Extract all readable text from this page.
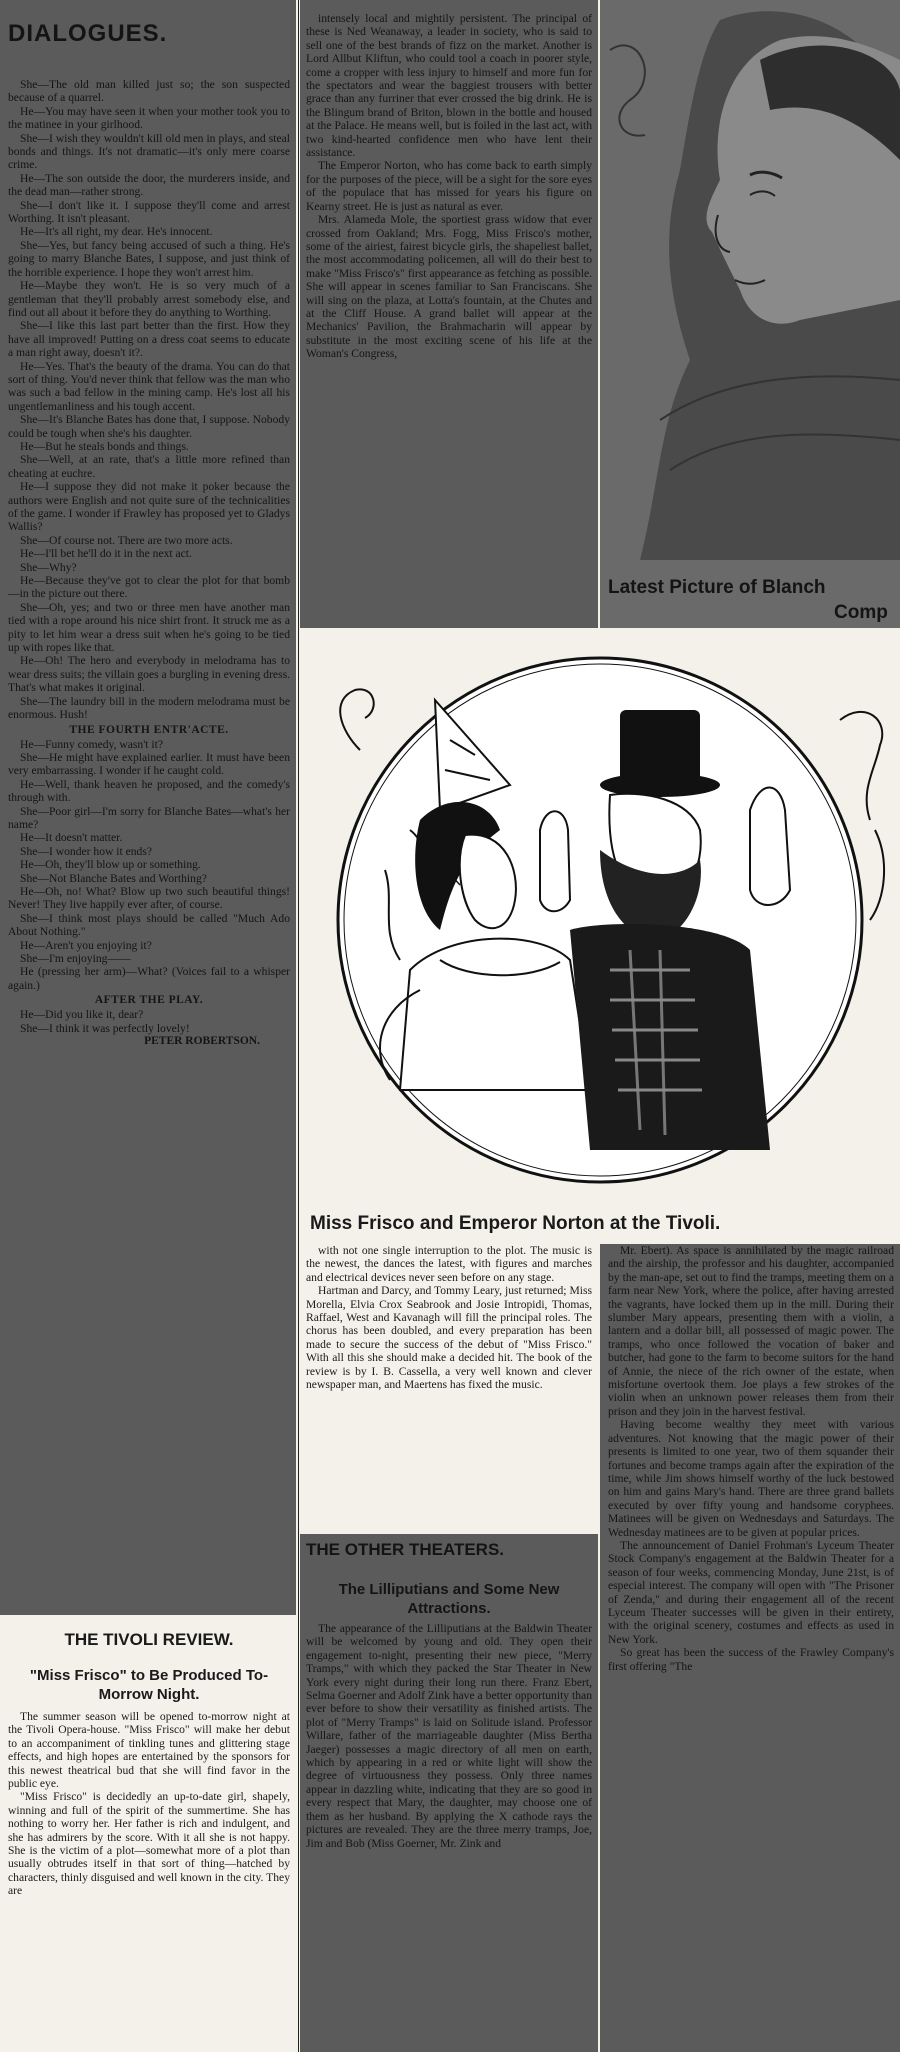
DIALOGUES.

She—The old man killed just so; the son suspected because of a quarrel.

He—You may have seen it when your mother took you to the matinee in your girlhood.

She—I wish they wouldn't kill old men in plays, and steal bonds and things. It's not dramatic—it's only mere coarse crime.

He—The son outside the door, the murderers inside, and the dead man—rather strong.

She—I don't like it. I suppose they'll come and arrest Worthing. It isn't pleasant.

He—It's all right, my dear. He's innocent.

She—Yes, but fancy being accused of such a thing. He's going to marry Blanche Bates, I suppose, and just think of the horrible experience. I hope they won't arrest him.

He—Maybe they won't. He is so very much of a gentleman that they'll probably arrest somebody else, and find out all about it before they do anything to Worthing.

She—I like this last part better than the first. How they have all improved! Putting on a dress coat seems to educate a man right away, doesn't it?.

He—Yes. That's the beauty of the drama. You can do that sort of thing. You'd never think that fellow was the man who was such a bad fellow in the mining camp. He's lost all his ungentlemanliness and his tough accent.

She—It's Blanche Bates has done that, I suppose. Nobody could be tough when she's his daughter.

He—But he steals bonds and things.

She—Well, at an rate, that's a little more refined than cheating at euchre.

He—I suppose they did not make it poker because the authors were English and not quite sure of the technicalities of the game. I wonder if Frawley has proposed yet to Gladys Wallis?

She—Of course not. There are two more acts.

He—I'll bet he'll do it in the next act.

She—Why?

He—Because they've got to clear the plot for that bomb—in the picture out there.

She—Oh, yes; and two or three men have another man tied with a rope around his nice shirt front. It struck me as a pity to let him wear a dress suit when he's going to be tied up with ropes like that.

He—Oh! The hero and everybody in melodrama has to wear dress suits; the villain goes a burgling in evening dress. That's what makes it original.

She—The laundry bill in the modern melodrama must be enormous. Hush!

THE FOURTH ENTR'ACTE.

He—Funny comedy, wasn't it?

She—He might have explained earlier. It must have been very embarrassing. I wonder if he caught cold.

He—Well, thank heaven he proposed, and the comedy's through with.

She—Poor girl—I'm sorry for Blanche Bates—what's her name?

He—It doesn't matter.

She—I wonder how it ends?

He—Oh, they'll blow up or something.

She—Not Blanche Bates and Worthing?

He—Oh, no! What? Blow up two such beautiful things! Never! They live happily ever after, of course.

She—I think most plays should be called "Much Ado About Nothing."

He—Aren't you enjoying it?

She—I'm enjoying——

He (pressing her arm)—What? (Voices fail to a whisper again.)

AFTER THE PLAY.

He—Did you like it, dear?

She—I think it was perfectly lovely!

PETER ROBERTSON.
THE TIVOLI REVIEW.
"Miss Frisco" to Be Produced To-Morrow Night.

The summer season will be opened to-morrow night at the Tivoli Opera-house. "Miss Frisco" will make her debut to an accompaniment of tinkling tunes and glittering stage effects, and high hopes are entertained by the sponsors for this newest theatrical bud that she will find favor in the public eye.

"Miss Frisco" is decidedly an up-to-date girl, shapely, winning and full of the spirit of the summertime. She has nothing to worry her. Her father is rich and indulgent, and she has admirers by the score. With it all she is not happy. She is the victim of a plot—somewhat more of a plot than usually obtrudes itself in that sort of thing—hatched by characters, thinly disguised and well known in the city. They are

intensely local and mightily persistent. The principal of these is Ned Weanaway, a leader in society, who is said to sell one of the best brands of fizz on the market. Another is Lord Allbut Kliftun, who could tool a coach in poorer style, come a cropper with less injury to himself and more fun for the spectators and wear the baggiest trousers with better grace than any furriner that ever crossed the big drink. He is the Blingum brand of Briton, blown in the bottle and housed at the Palace. He means well, but is foiled in the last act, with two kind-hearted confidence men who have lent their assistance.

The Emperor Norton, who has come back to earth simply for the purposes of the piece, will be a sight for the sore eyes of the populace that has missed for years his figure on Kearny street. He is just as natural as ever.

Mrs. Alameda Mole, the sportiest grass widow that ever crossed from Oakland; Mrs. Fogg, Miss Frisco's mother, some of the airiest, fairest bicycle girls, the shapeliest ballet, the most accommodating policemen, all will do their best to make "Miss Frisco's" first appearance as fetching as possible. She will appear in scenes familiar to San Franciscans. She will sing on the plaza, at Lotta's fountain, at the Chutes and at the Cliff House. A grand ballet will appear at the Mechanics' Pavilion, the Brahmacharin will appear by substitute in the most exciting scene of his life at the Woman's Congress,

Latest Picture of Blanch
Comp
Miss Frisco and Emperor Norton at the Tivoli.

with not one single interruption to the plot. The music is the newest, the dances the latest, with figures and marches and electrical devices never seen before on any stage.

Hartman and Darcy, and Tommy Leary, just returned; Miss Morella, Elvia Crox Seabrook and Josie Intropidi, Thomas, Raffael, West and Kavanagh will fill the principal roles. The chorus has been doubled, and every preparation has been made to secure the success of the debut of "Miss Frisco." With all this she should make a decided hit. The book of the review is by I. B. Cassella, a very well known and clever newspaper man, and Maertens has fixed the music.

THE OTHER THEATERS.
The Lilliputians and Some New Attractions.

The appearance of the Lilliputians at the Baldwin Theater will be welcomed by young and old. They open their engagement to-night, presenting their new piece, "Merry Tramps," with which they packed the Star Theater in New York every night during their long run there. Franz Ebert, Selma Goerner and Adolf Zink have a better opportunity than ever before to show their versatility as finished artists. The plot of "Merry Tramps" is laid on Solitude island. Professor Willare, father of the marriageable daughter (Miss Bertha Jaeger) possesses a magic directory of all men on earth, which by appearing in a red or white light will show the degree of virtuousness they possess. Only three names appear in dazzling white, indicating that they are so good in every respect that Mary, the daughter, may choose one of them as her husband. By applying the X cathode rays the pictures are revealed. They are the three merry tramps, Joe, Jim and Bob (Miss Goerner, Mr. Zink and

Mr. Ebert). As space is annihilated by the magic railroad and the airship, the professor and his daughter, accompanied by the man-ape, set out to find the tramps, meeting them on a farm near New York, where the police, after having arrested the vagrants, have locked them up in the mill. During their slumber Mary appears, presenting them with a violin, a lantern and a dollar bill, all possessed of magic power. The tramps, who once followed the vocation of baker and butcher, had gone to the farm to become suitors for the hand of Annie, the niece of the rich owner of the estate, when misfortune overtook them. Joe plays a few strokes of the violin when an unknown power releases them from their prison and they join in the harvest festival.

Having become wealthy they meet with various adventures. Not knowing that the magic power of their presents is limited to one year, two of them squander their fortunes and become tramps again after the expiration of the time, while Jim shows himself worthy of the luck bestowed on him and gains Mary's hand. There are three grand ballets executed by over fifty young and handsome coryphees. Matinees will be given on Wednesdays and Saturdays. The Wednesday matinees are to be given at popular prices.

The announcement of Daniel Frohman's Lyceum Theater Stock Company's engagement at the Baldwin Theater for a season of four weeks, commencing Monday, June 21st, is of especial interest. The company will open with "The Prisoner of Zenda," and during their engagement all of the recent Lyceum Theater successes will be given in their entirety, with the original scenery, costumes and effects as used in New York.

So great has been the success of the Frawley Company's first offering "The
